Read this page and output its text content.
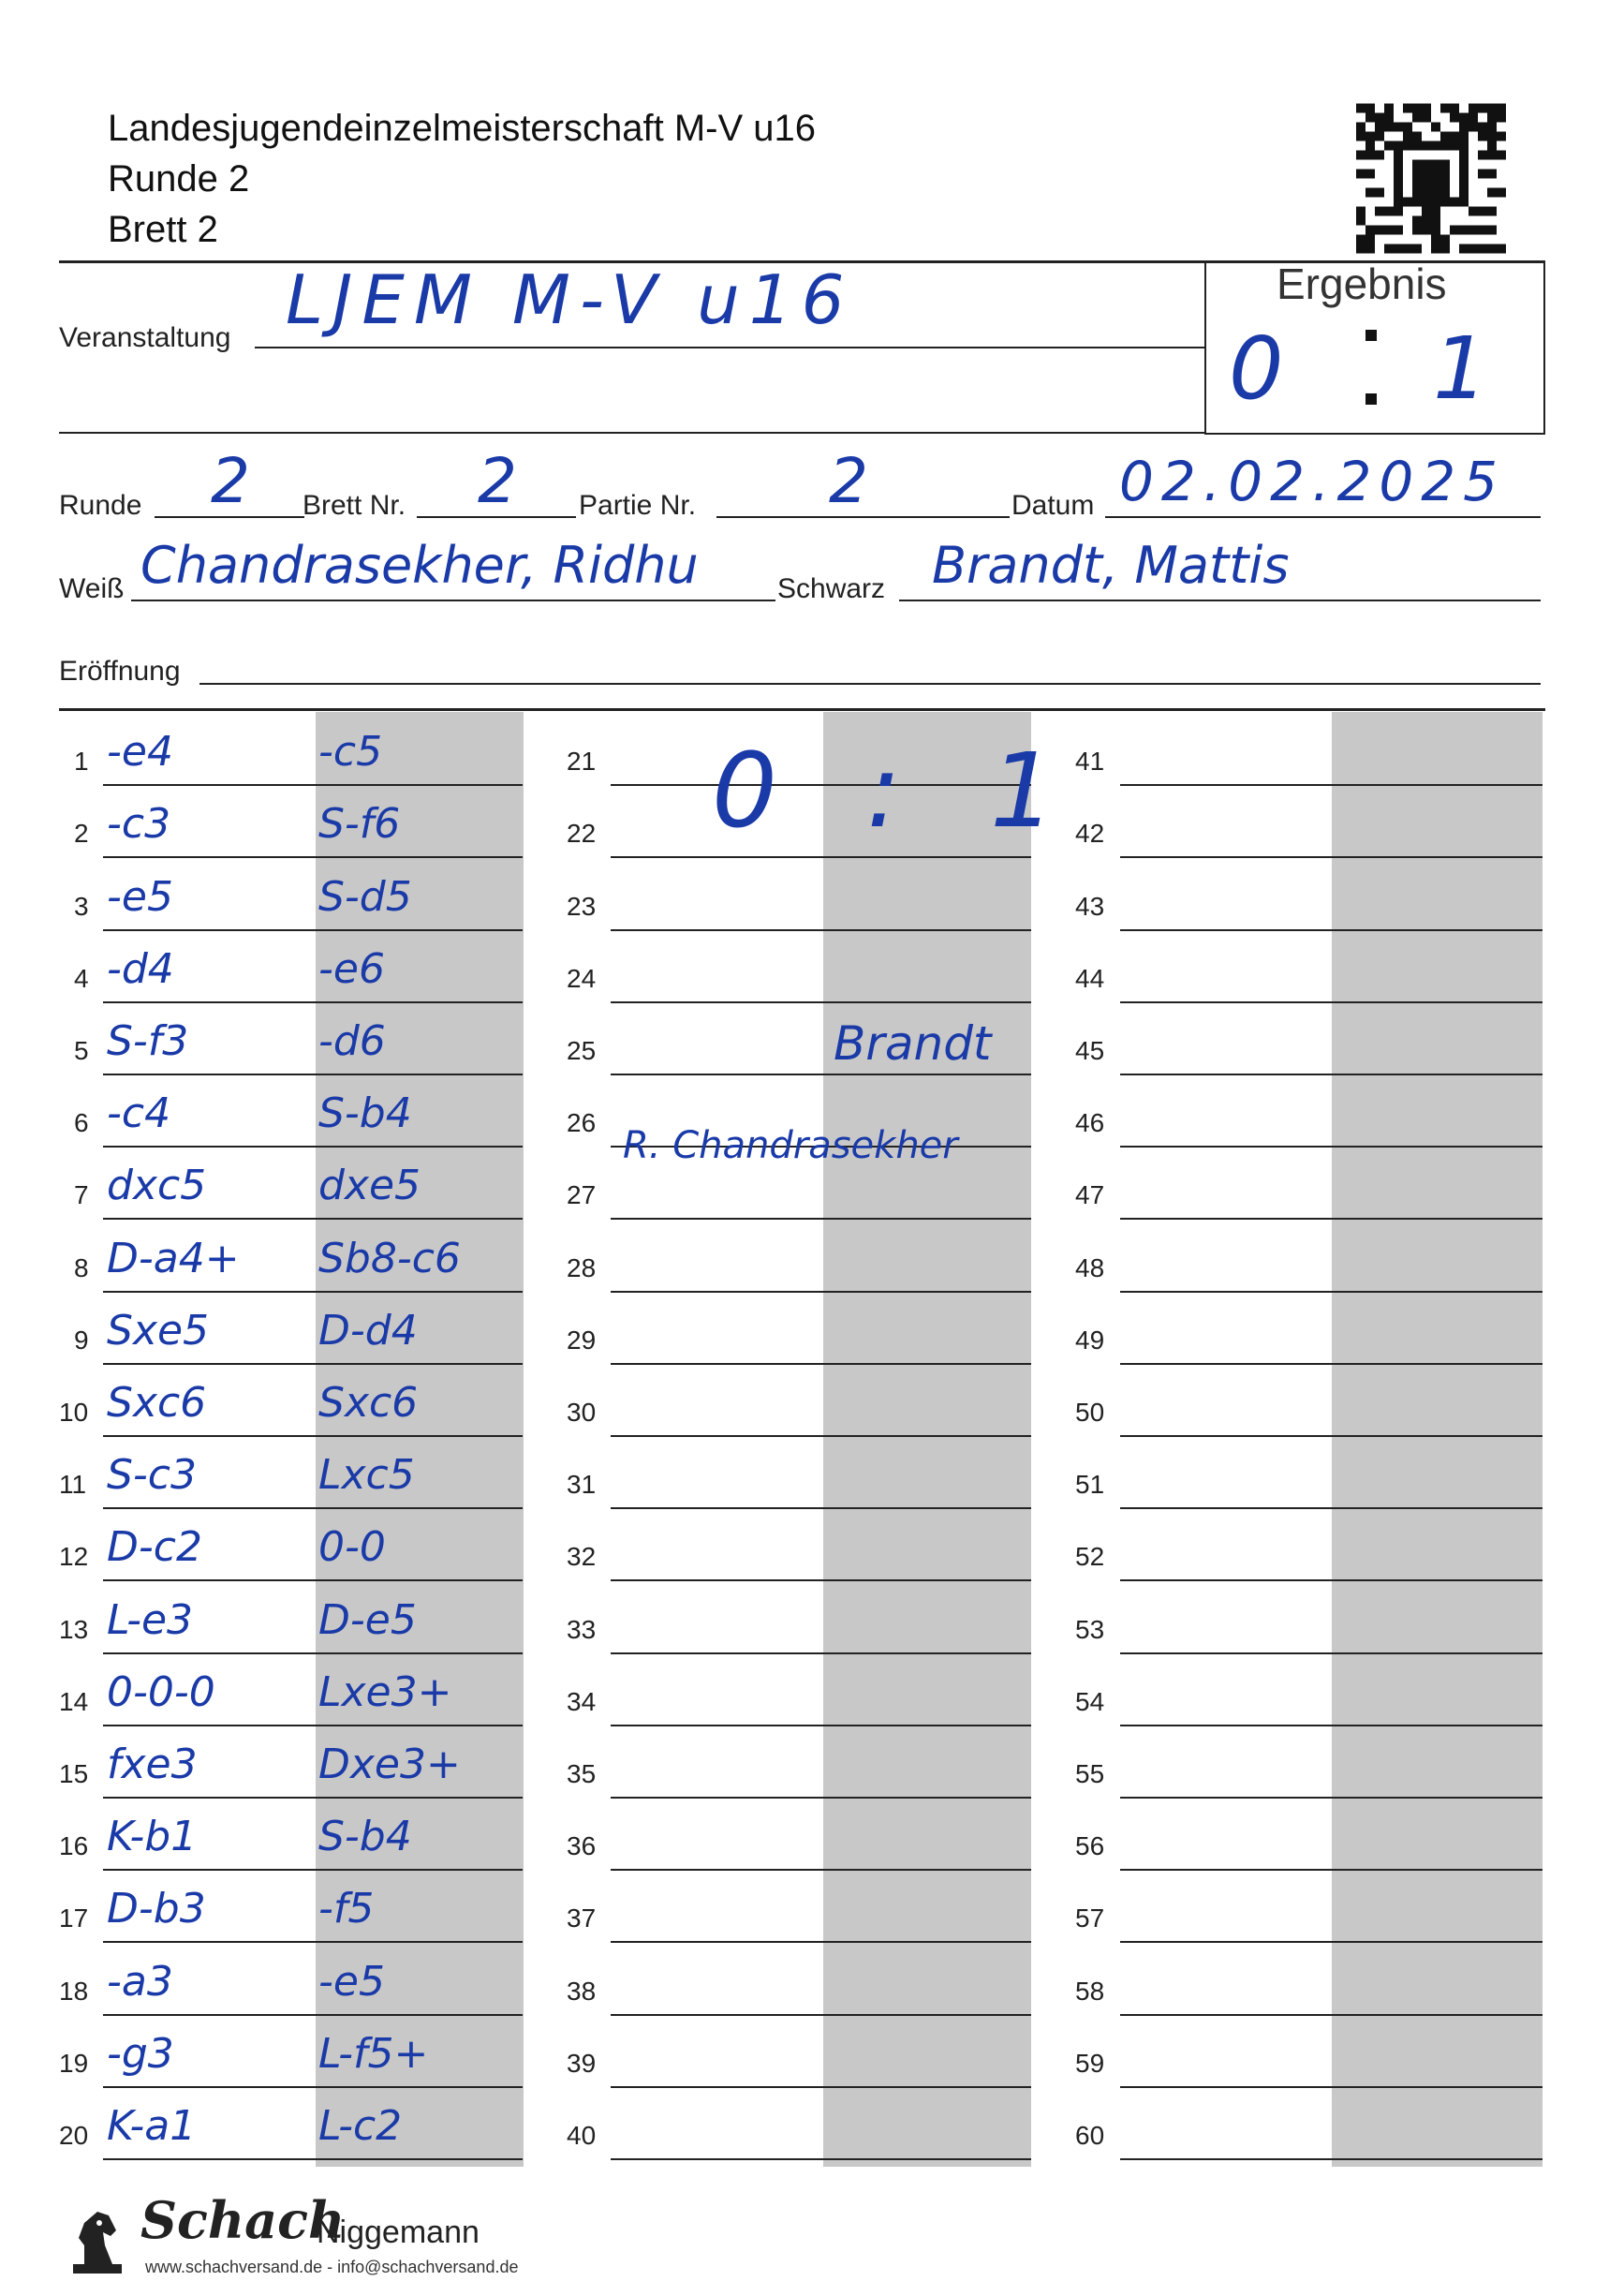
Landesjugendeinzelmeisterschaft M-V u16
Runde 2
Brett 2
Ergebnis
0 1
Veranstaltung LJEM M-V u16
Runde 2 Brett Nr. 2 Partie Nr. 2	Datum 02.02.2025
Weiß Chandrasekher, Ridhu	Schwarz Brandt, Mattis
Eröffnung
1 -e4	-c5
2 -c3	S-f6
3 -e5	S-d5
4 -d4	-e6
5 S-f3	-d6
6 -c4	S-b4
7 dxc5	dxe5
8 D-a4+ Sb8-c6
9 Sxe5	D-d4
10 Sxc6	Sxc6
11 S-c3	Lxc5
12 D-c2	0-0
13 L-e3	D-e5
14 0-0-0	Lxe3+
15 fxe3	Dxe3+
16 K-b1	S-b4
17 D-b3	-f5
18 -a3	-e5
19 -g3	L-f5+
20 K-a1	L-c2
21
22
23
24
25
26
27
28
29
30
31
32
33
34
35
36
37
38
39
40
41
42
43
44
45
46
47
48
49
50
51
52
53
54
55
56
57
58
59
60
0 : 1
Brandt
R. Chandrasekher
Schach
Niggemann
www.schachversand.de - info@schachversand.de
